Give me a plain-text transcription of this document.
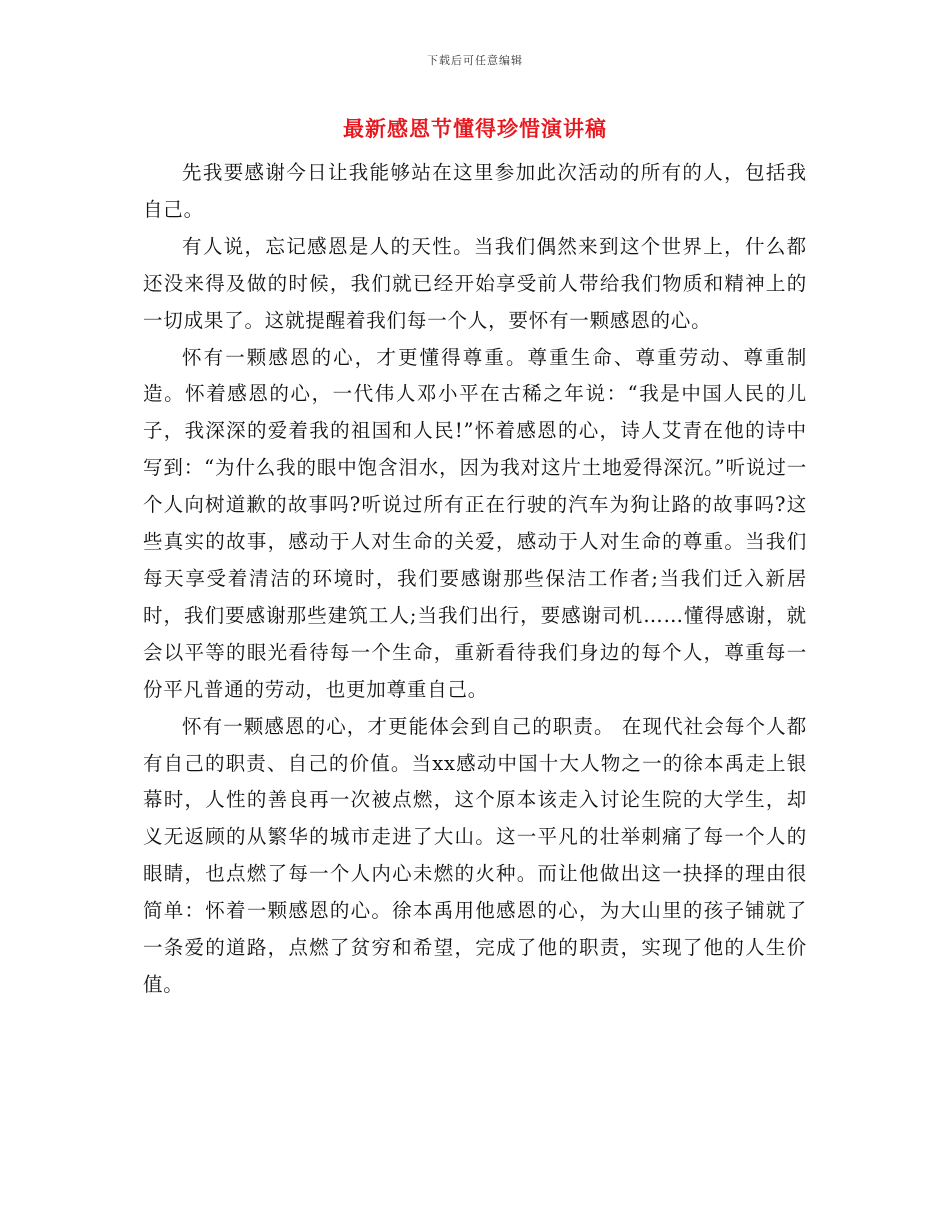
下载后可任意编辑
最新感恩节懂得珍惜演讲稿

先我要感谢今日让我能够站在这里参加此次活动的所有的人，包括我自己。

有人说，忘记感恩是人的天性。当我们偶然来到这个世界上，什么都还没来得及做的时候，我们就已经开始享受前人带给我们物质和精神上的一切成果了。这就提醒着我们每一个人，要怀有一颗感恩的心。

怀有一颗感恩的心，才更懂得尊重。尊重生命、尊重劳动、尊重制造。怀着感恩的心，一代伟人邓小平在古稀之年说：“我是中国人民的儿子，我深深的爱着我的祖国和人民!”怀着感恩的心，诗人艾青在他的诗中写到：“为什么我的眼中饱含泪水，因为我对这片土地爱得深沉。”听说过一个人向树道歉的故事吗?听说过所有正在行驶的汽车为狗让路的故事吗?这些真实的故事，感动于人对生命的关爱，感动于人对生命的尊重。当我们每天享受着清洁的环境时，我们要感谢那些保洁工作者;当我们迁入新居时，我们要感谢那些建筑工人;当我们出行，要感谢司机……懂得感谢，就会以平等的眼光看待每一个生命，重新看待我们身边的每个人，尊重每一份平凡普通的劳动，也更加尊重自己。

怀有一颗感恩的心，才更能体会到自己的职责。 在现代社会每个人都有自己的职责、自己的价值。当xx感动中国十大人物之一的徐本禹走上银幕时，人性的善良再一次被点燃，这个原本该走入讨论生院的大学生，却义无返顾的从繁华的城市走进了大山。这一平凡的壮举刺痛了每一个人的眼睛，也点燃了每一个人内心未燃的火种。而让他做出这一抉择的理由很简单：怀着一颗感恩的心。徐本禹用他感恩的心，为大山里的孩子铺就了一条爱的道路，点燃了贫穷和希望，完成了他的职责，实现了他的人生价值。
